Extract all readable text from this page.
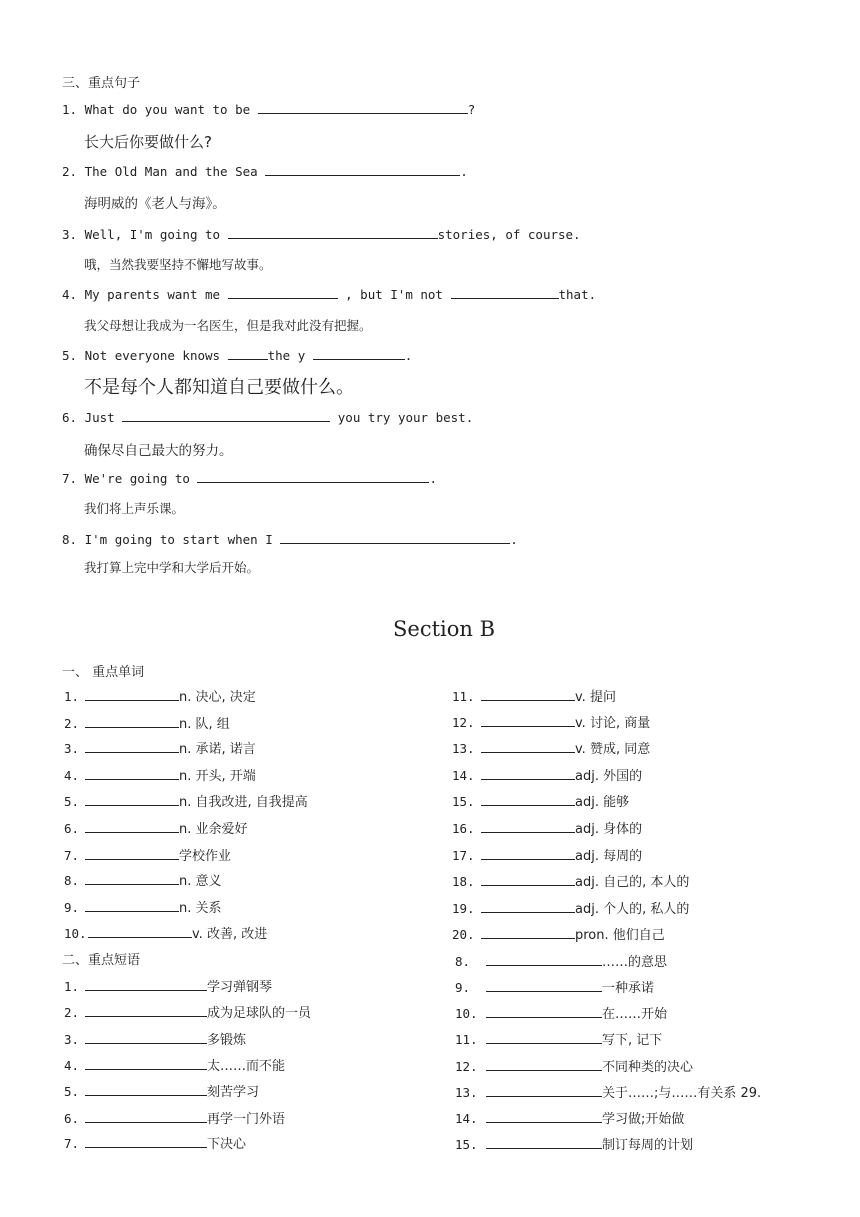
三、重点句子
1. What do you want to be	?
长大后你要做什么?
2. The Old Man and the Sea	.
海明威的《老人与海》。
3. Well, I'm going to	stories, of course.
哦，当然我要坚持不懈地写故事。
4. My parents want me	, but I'm not	that.
我父母想让我成为一名医生，但是我对此没有把握。
5. Not everyone knows	the y	.
不是每个人都知道自己要做什么。
6. Just	you try your best.
确保尽自己最大的努力。
7. We're going to	.
我们将上声乐课。
8. I'm going to start when I	.
我打算上完中学和大学后开始。
Section B
一、 重点单词
1.	n. 决心, 决定
2.	n. 队, 组
3.	n. 承诺, 诺言
4.	n. 开头, 开端
5.	n. 自我改进, 自我提高
6.	n. 业余爱好
7.	学校作业
8.	n. 意义
9.	n. 关系
10.	v. 改善, 改进
11.	v. 提问
12.	v. 讨论, 商量
13.	v. 赞成, 同意
14.	adj. 外国的
15.	adj. 能够
16.	adj. 身体的
17.	adj. 每周的
18.	adj. 自己的, 本人的
19.	adj. 个人的, 私人的
20.	pron. 他们自己
二、重点短语
1.	学习弹钢琴
2.	成为足球队的一员
3.	多锻炼
4.	太……而不能
5.	刻苦学习
6.	再学一门外语
7.	下决心
8.	……的意思
9.	一种承诺
10.	在……开始
11.	写下, 记下
12.	不同种类的决心
13.	关于……;与……有关系 29.
14.	学习做;开始做
15.	制订每周的计划
